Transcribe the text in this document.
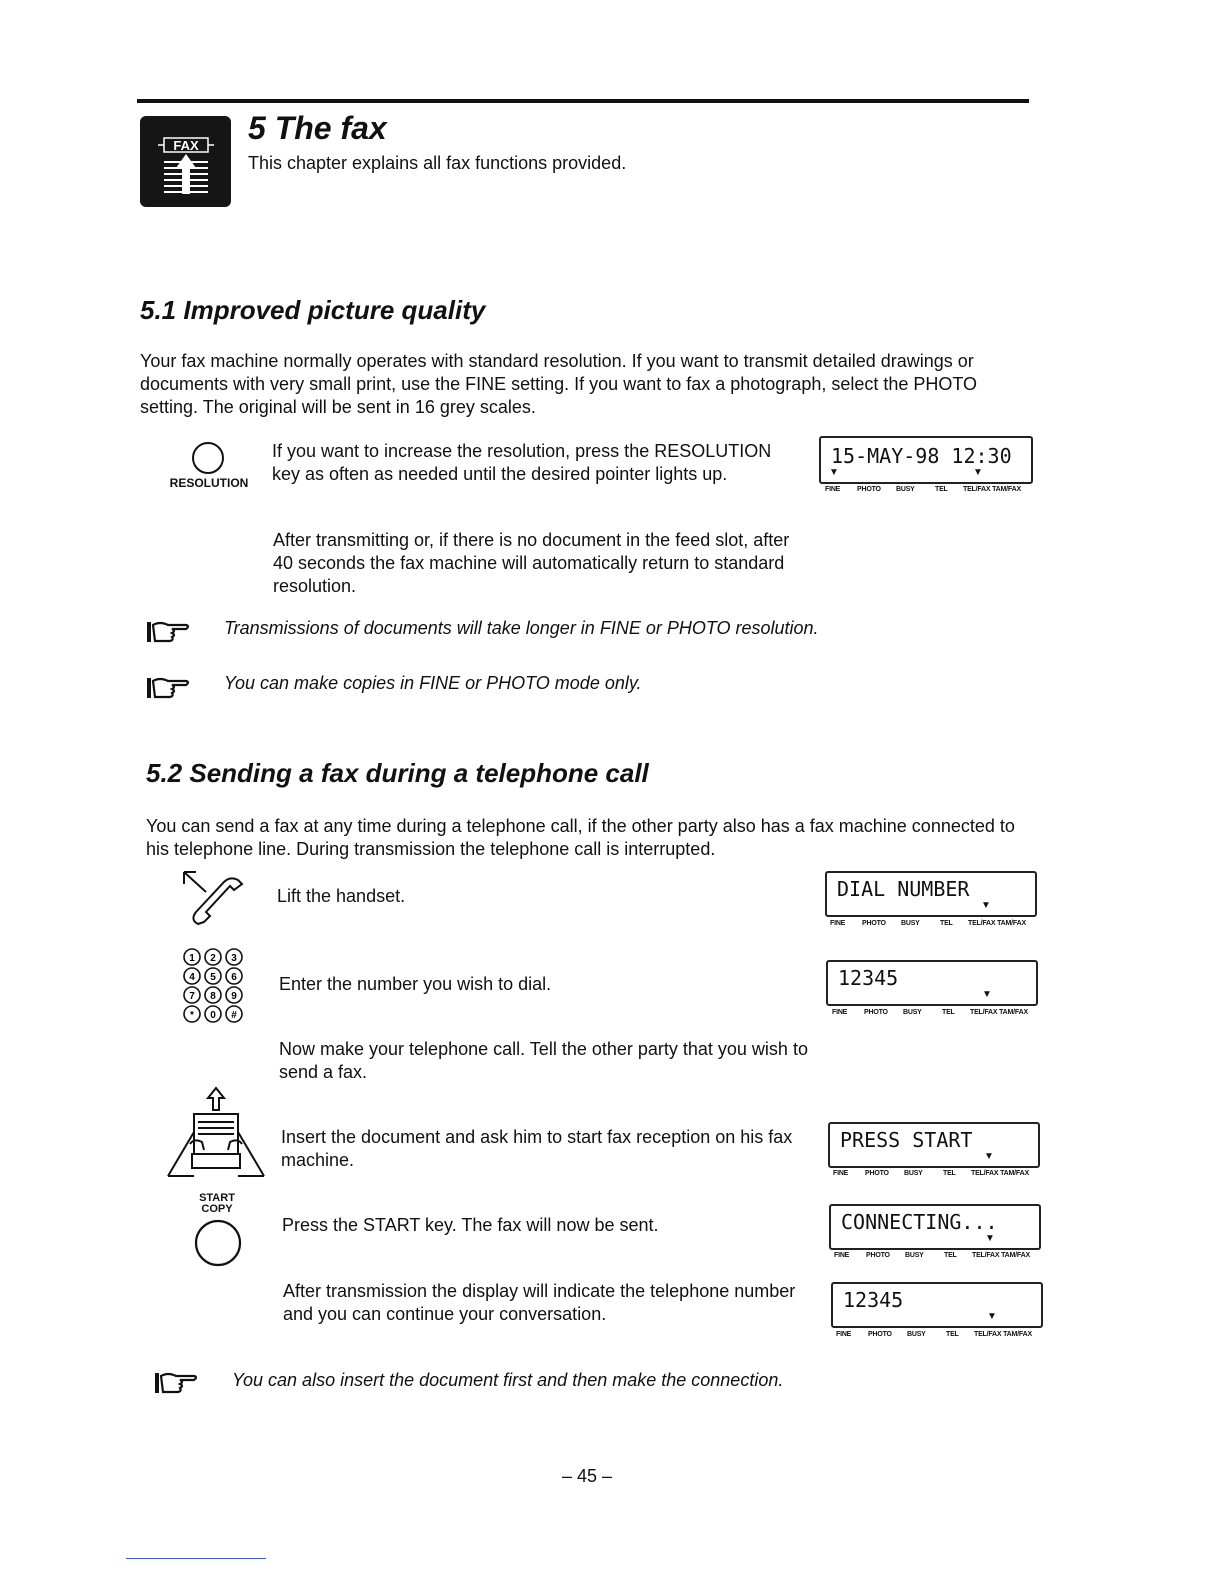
FAX 5 The fax
This chapter explains all fax functions provided.
5.1 Improved picture quality
Your fax machine normally operates with standard resolution. If you want to transmit detailed drawings or documents with very small print, use the FINE setting. If you want to fax a photograph, select the PHOTO setting. The original will be sent in 16 grey scales.
RESOLUTION
If you want to increase the resolution, press the RESOLUTION key as often as needed until the desired pointer lights up.
After transmitting or, if there is no document in the feed slot, after 40 seconds the fax machine will automatically return to standard resolution.
15-MAY-98 12:30
▼	▼
FINE PHOTO BUSY	TEL TEL/FAX TAM/FAX
Transmissions of documents will take longer in FINE or PHOTO resolution.
You can make copies in FINE or PHOTO mode only.
5.2 Sending a fax during a telephone call
You can send a fax at any time during a telephone call, if the other party also has a fax machine connected to his telephone line. During transmission the telephone call is interrupted.
Lift the handset.	DIAL NUMBER
▼
FINE PHOTO BUSY	TEL TEL/FAX TAM/FAX
1 2 3
4 5 6
7 8 9
* 0 #
Enter the number you wish to dial.	12345
▼
FINE PHOTO BUSY	TEL TEL/FAX TAM/FAX
Now make your telephone call. Tell the other party that you wish to send a fax.
Insert the document and ask him to start fax reception on his fax machine.
PRESS START
▼
FINE PHOTO BUSY	TEL TEL/FAX TAM/FAX
START
COPY
Press the START key. The fax will now be sent.	CONNECTING...
▼
FINE PHOTO BUSY	TEL TEL/FAX TAM/FAX
After transmission the display will indicate the telephone number and you can continue your conversation.
12345
▼
FINE PHOTO BUSY	TEL TEL/FAX TAM/FAX
You can also insert the document first and then make the connection.
– 45 –
